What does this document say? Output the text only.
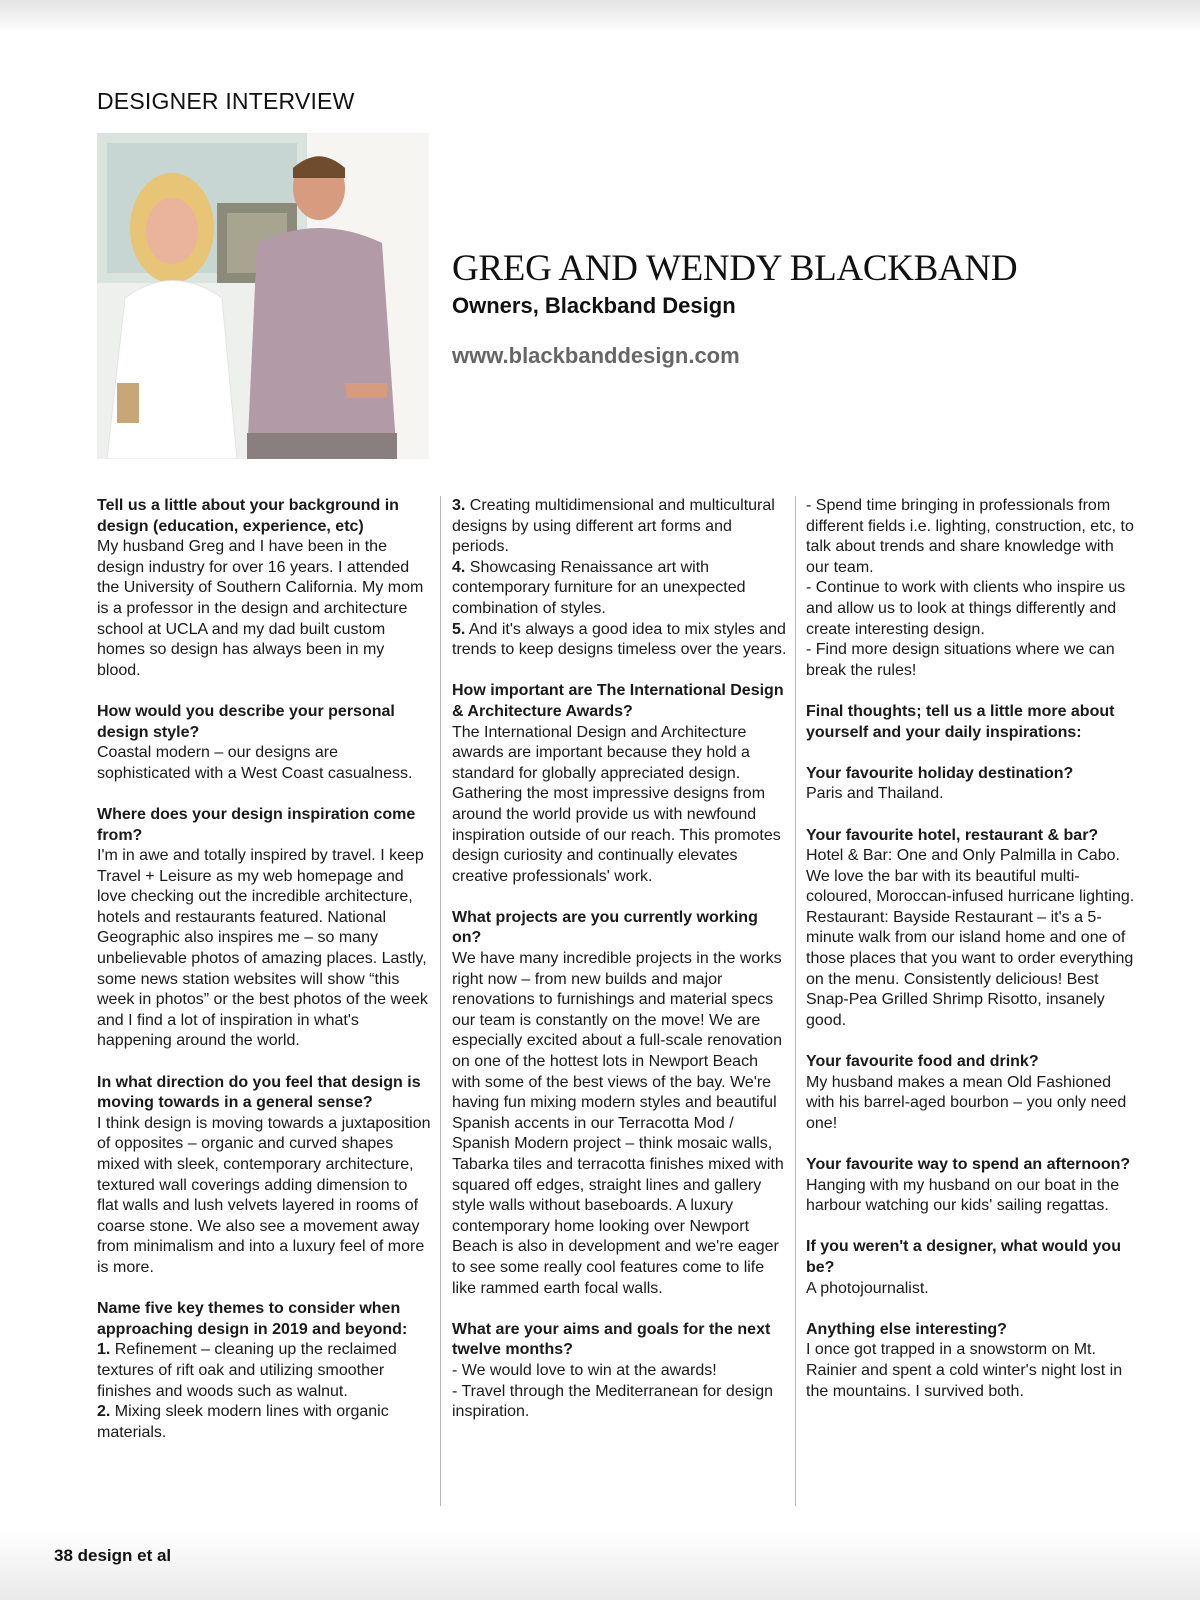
DESIGNER INTERVIEW
GREG AND WENDY BLACKBAND
Owners, Blackband Design
www.blackbanddesign.com

Tell us a little about your background in design (education, experience, etc)

My husband Greg and I have been in the design industry for over 16 years. I attended the University of Southern California. My mom is a professor in the design and architecture school at UCLA and my dad built custom homes so design has always been in my blood.

How would you describe your personal design style?

Coastal modern – our designs are sophisticated with a West Coast casualness.

Where does your design inspiration come from?

I'm in awe and totally inspired by travel. I keep Travel + Leisure as my web homepage and love checking out the incredible architecture, hotels and restaurants featured. National Geographic also inspires me – so many unbelievable photos of amazing places. Lastly, some news station websites will show “this week in photos” or the best photos of the week and I find a lot of inspiration in what's happening around the world.

In what direction do you feel that design is moving towards in a general sense?

I think design is moving towards a juxtaposition of opposites – organic and curved shapes mixed with sleek, contemporary architecture, textured wall coverings adding dimension to flat walls and lush velvets layered in rooms of coarse stone. We also see a movement away from minimalism and into a luxury feel of more is more.

Name five key themes to consider when approaching design in 2019 and beyond:

1. Refinement – cleaning up the reclaimed textures of rift oak and utilizing smoother finishes and woods such as walnut.

2. Mixing sleek modern lines with organic materials.

3. Creating multidimensional and multicultural designs by using different art forms and periods.

4. Showcasing Renaissance art with contemporary furniture for an unexpected combination of styles.

5. And it's always a good idea to mix styles and trends to keep designs timeless over the years.

How important are The International Design & Architecture Awards?

The International Design and Architecture awards are important because they hold a standard for globally appreciated design. Gathering the most impressive designs from around the world provide us with newfound inspiration outside of our reach. This promotes design curiosity and continually elevates creative professionals' work.

What projects are you currently working on?

We have many incredible projects in the works right now – from new builds and major renovations to furnishings and material specs our team is constantly on the move! We are especially excited about a full-scale renovation on one of the hottest lots in Newport Beach with some of the best views of the bay. We're having fun mixing modern styles and beautiful Spanish accents in our Terracotta Mod / Spanish Modern project – think mosaic walls, Tabarka tiles and terracotta finishes mixed with squared off edges, straight lines and gallery style walls without baseboards. A luxury contemporary home looking over Newport Beach is also in development and we're eager to see some really cool features come to life like rammed earth focal walls.

What are your aims and goals for the next twelve months?

- We would love to win at the awards!

- Travel through the Mediterranean for design inspiration.

- Spend time bringing in professionals from different fields i.e. lighting, construction, etc, to talk about trends and share knowledge with our team.

- Continue to work with clients who inspire us and allow us to look at things differently and create interesting design.

- Find more design situations where we can break the rules!

Final thoughts; tell us a little more about yourself and your daily inspirations:

Your favourite holiday destination?

Paris and Thailand.

Your favourite hotel, restaurant & bar?

Hotel & Bar: One and Only Palmilla in Cabo. We love the bar with its beautiful multi-coloured, Moroccan-infused hurricane lighting.

Restaurant: Bayside Restaurant – it's a 5-minute walk from our island home and one of those places that you want to order everything on the menu. Consistently delicious! Best Snap-Pea Grilled Shrimp Risotto, insanely good.

Your favourite food and drink?

My husband makes a mean Old Fashioned with his barrel-aged bourbon – you only need one!

Your favourite way to spend an afternoon?

Hanging with my husband on our boat in the harbour watching our kids' sailing regattas.

If you weren't a designer, what would you be?

A photojournalist.

Anything else interesting?

I once got trapped in a snowstorm on Mt. Rainier and spent a cold winter's night lost in the mountains. I survived both.

38 design et al
